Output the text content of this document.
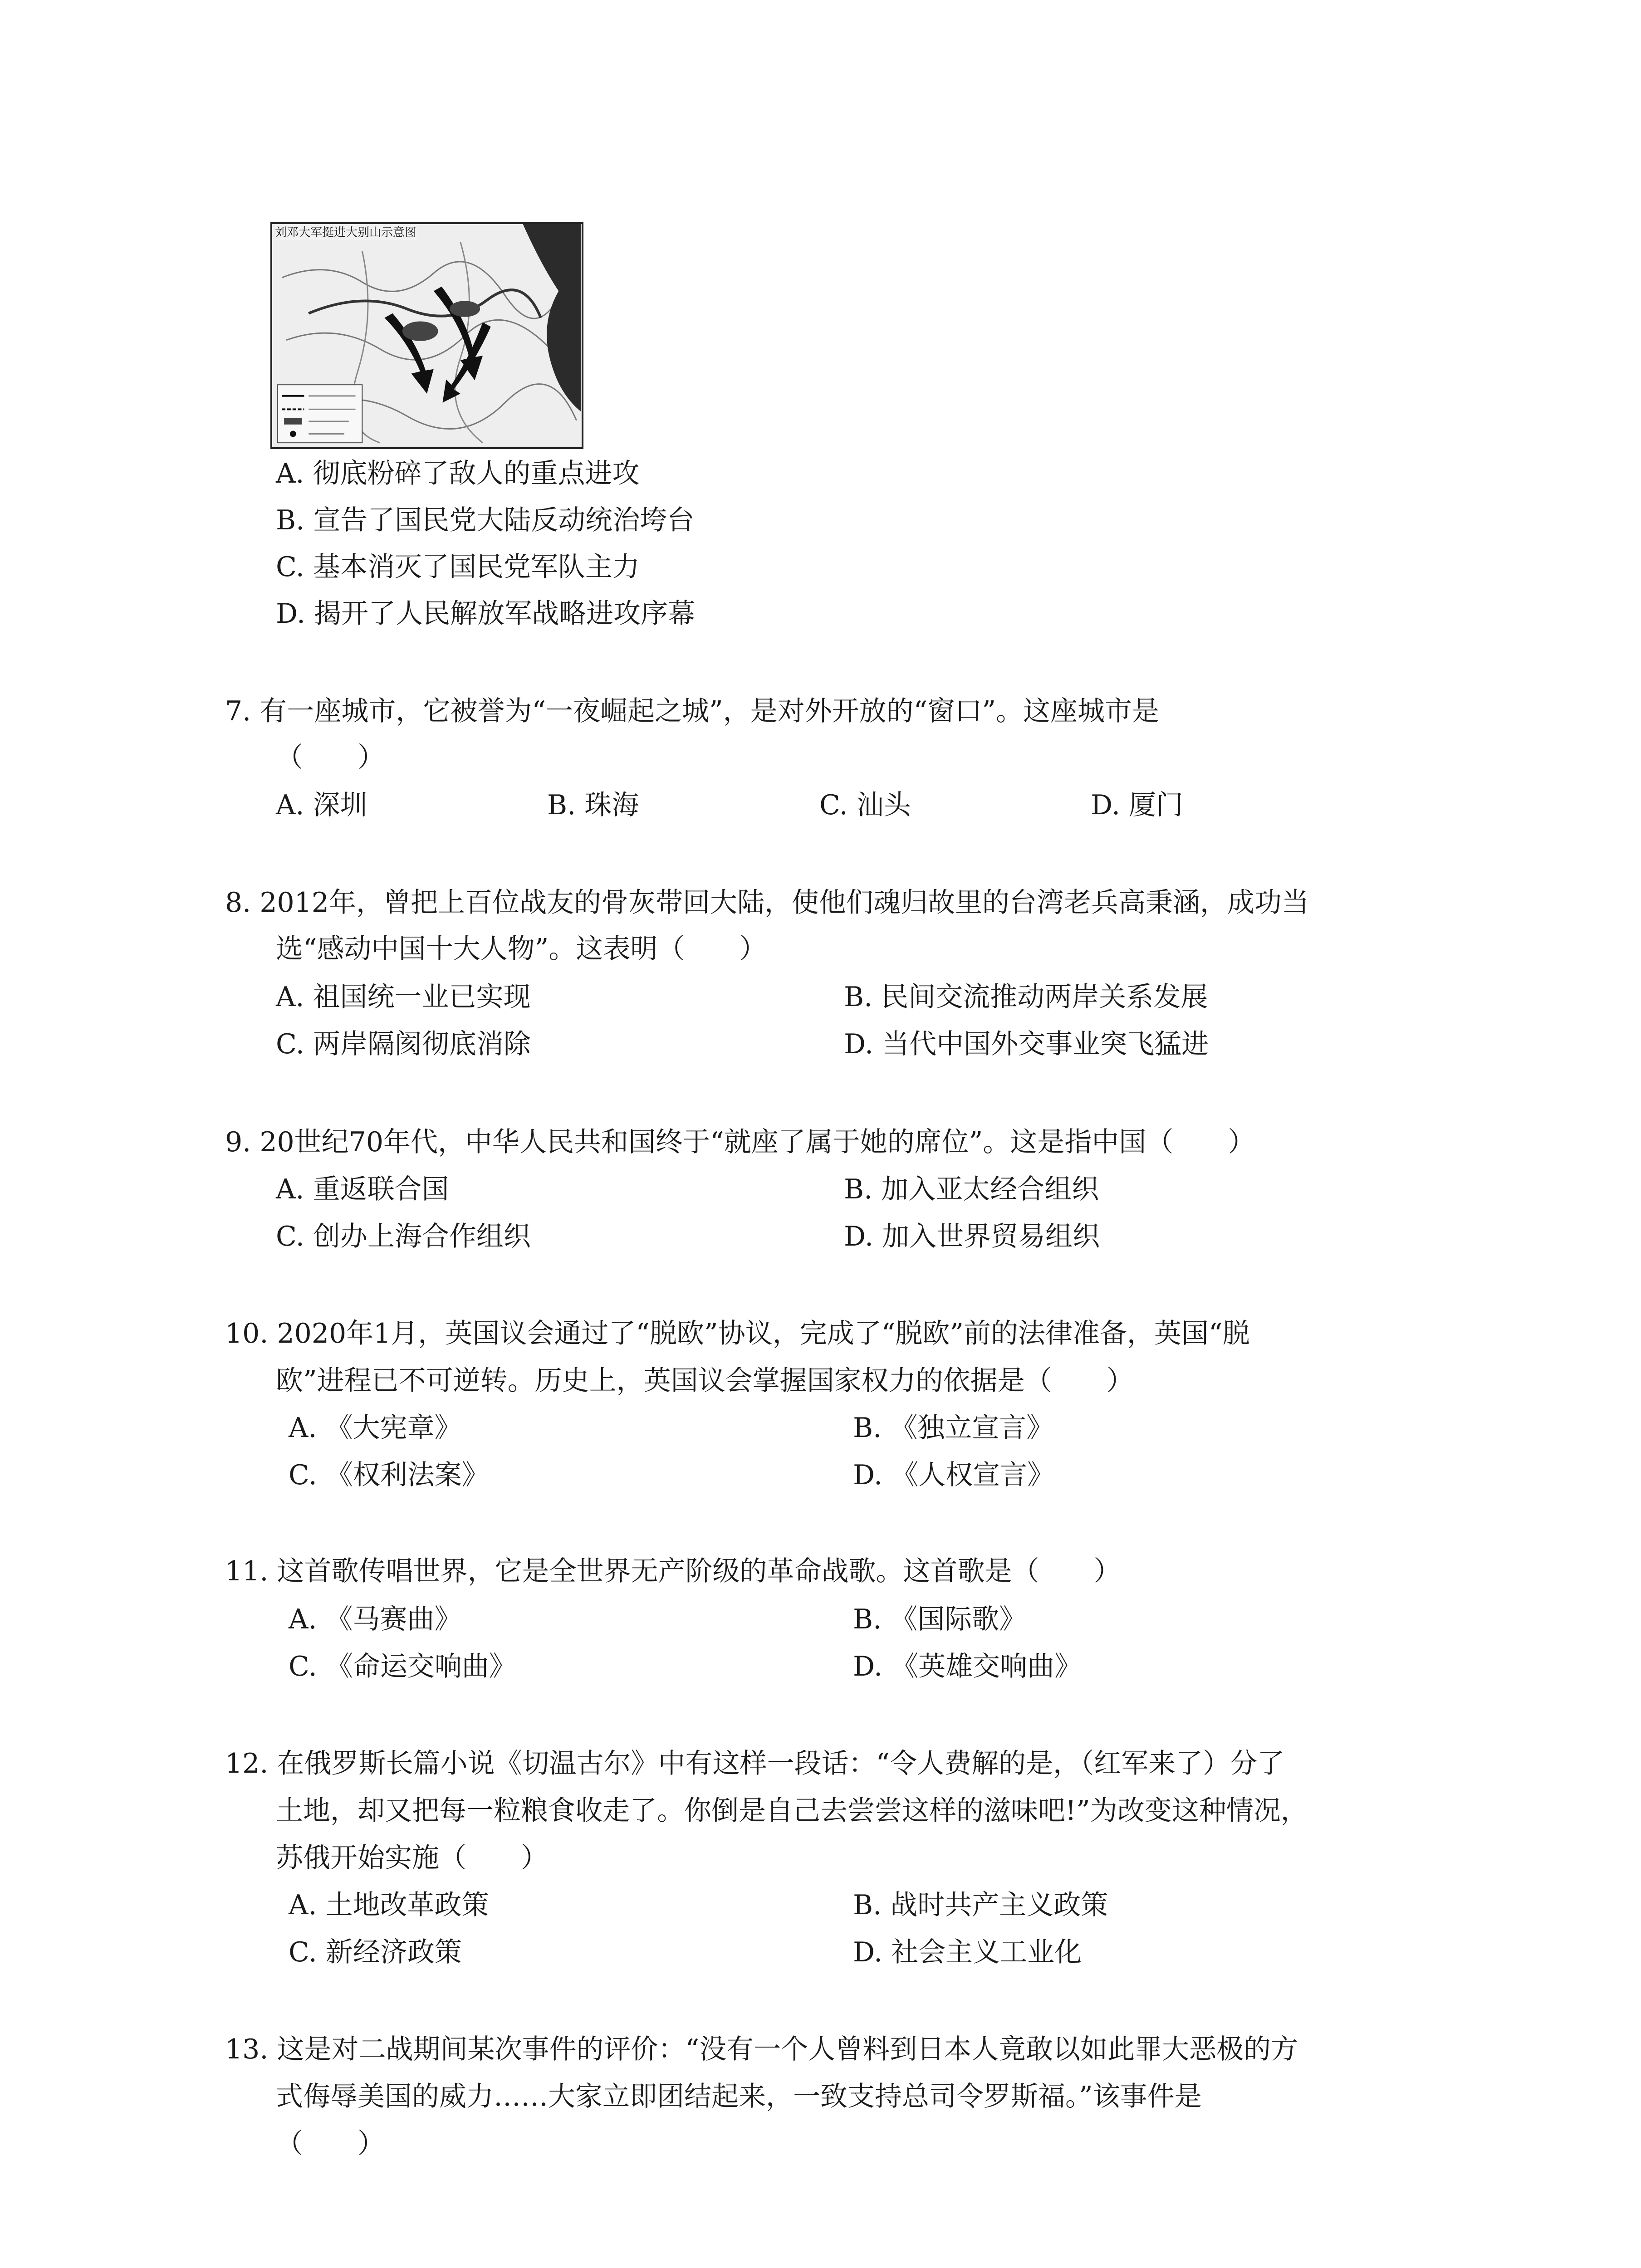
刘邓大军挺进大别山示意图
A. 彻底粉碎了敌人的重点进攻
B. 宣告了国民党大陆反动统治垮台
C. 基本消灭了国民党军队主力
D. 揭开了人民解放军战略进攻序幕
7. 有一座城市，它被誉为“一夜崛起之城”，是对外开放的“窗口”。这座城市是
（　　）
A. 深圳	B. 珠海	C. 汕头	D. 厦门
8. 2012年，曾把上百位战友的骨灰带回大陆，使他们魂归故里的台湾老兵高秉涵，成功当
选“感动中国十大人物”。这表明（　　）
A. 祖国统一业已实现	B. 民间交流推动两岸关系发展
C. 两岸隔阂彻底消除	D. 当代中国外交事业突飞猛进
9. 20世纪70年代，中华人民共和国终于“就座了属于她的席位”。这是指中国（　　）
A. 重返联合国	B. 加入亚太经合组织
C. 创办上海合作组织	D. 加入世界贸易组织
10. 2020年1月，英国议会通过了“脱欧”协议，完成了“脱欧”前的法律准备，英国“脱
欧”进程已不可逆转。历史上，英国议会掌握国家权力的依据是（　　）
A. 《大宪章》	B. 《独立宣言》
C. 《权利法案》	D. 《人权宣言》
11. 这首歌传唱世界，它是全世界无产阶级的革命战歌。这首歌是（　　）
A. 《马赛曲》	B. 《国际歌》
C. 《命运交响曲》	D. 《英雄交响曲》
12. 在俄罗斯长篇小说《切温古尔》中有这样一段话：“令人费解的是，（红军来了）分了
土地，却又把每一粒粮食收走了。你倒是自己去尝尝这样的滋味吧!”为改变这种情况，
苏俄开始实施（　　）
A. 土地改革政策	B. 战时共产主义政策
C. 新经济政策	D. 社会主义工业化
13. 这是对二战期间某次事件的评价：“没有一个人曾料到日本人竟敢以如此罪大恶极的方
式侮辱美国的威力……大家立即团结起来，一致支持总司令罗斯福。”该事件是
（　　）
